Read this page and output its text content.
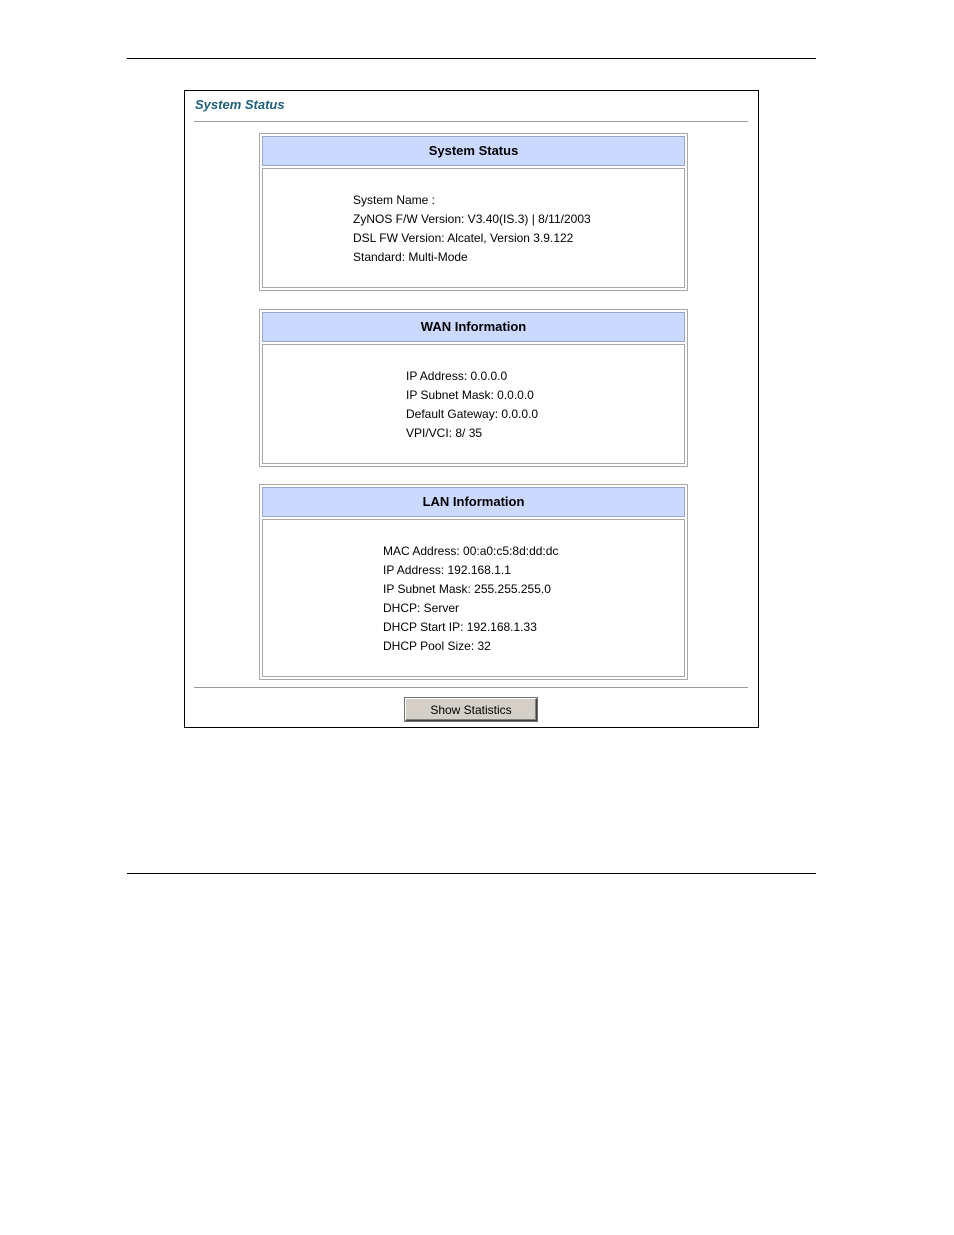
System Status
System Status
System Name :
ZyNOS F/W Version: V3.40(IS.3) | 8/11/2003
DSL FW Version: Alcatel, Version 3.9.122
Standard: Multi-Mode
WAN Information
IP Address: 0.0.0.0
IP Subnet Mask: 0.0.0.0
Default Gateway: 0.0.0.0
VPI/VCI: 8/ 35
LAN Information
MAC Address: 00:a0:c5:8d:dd:dc
IP Address: 192.168.1.1
IP Subnet Mask: 255.255.255.0
DHCP: Server
DHCP Start IP: 192.168.1.33
DHCP Pool Size: 32
Show Statistics
